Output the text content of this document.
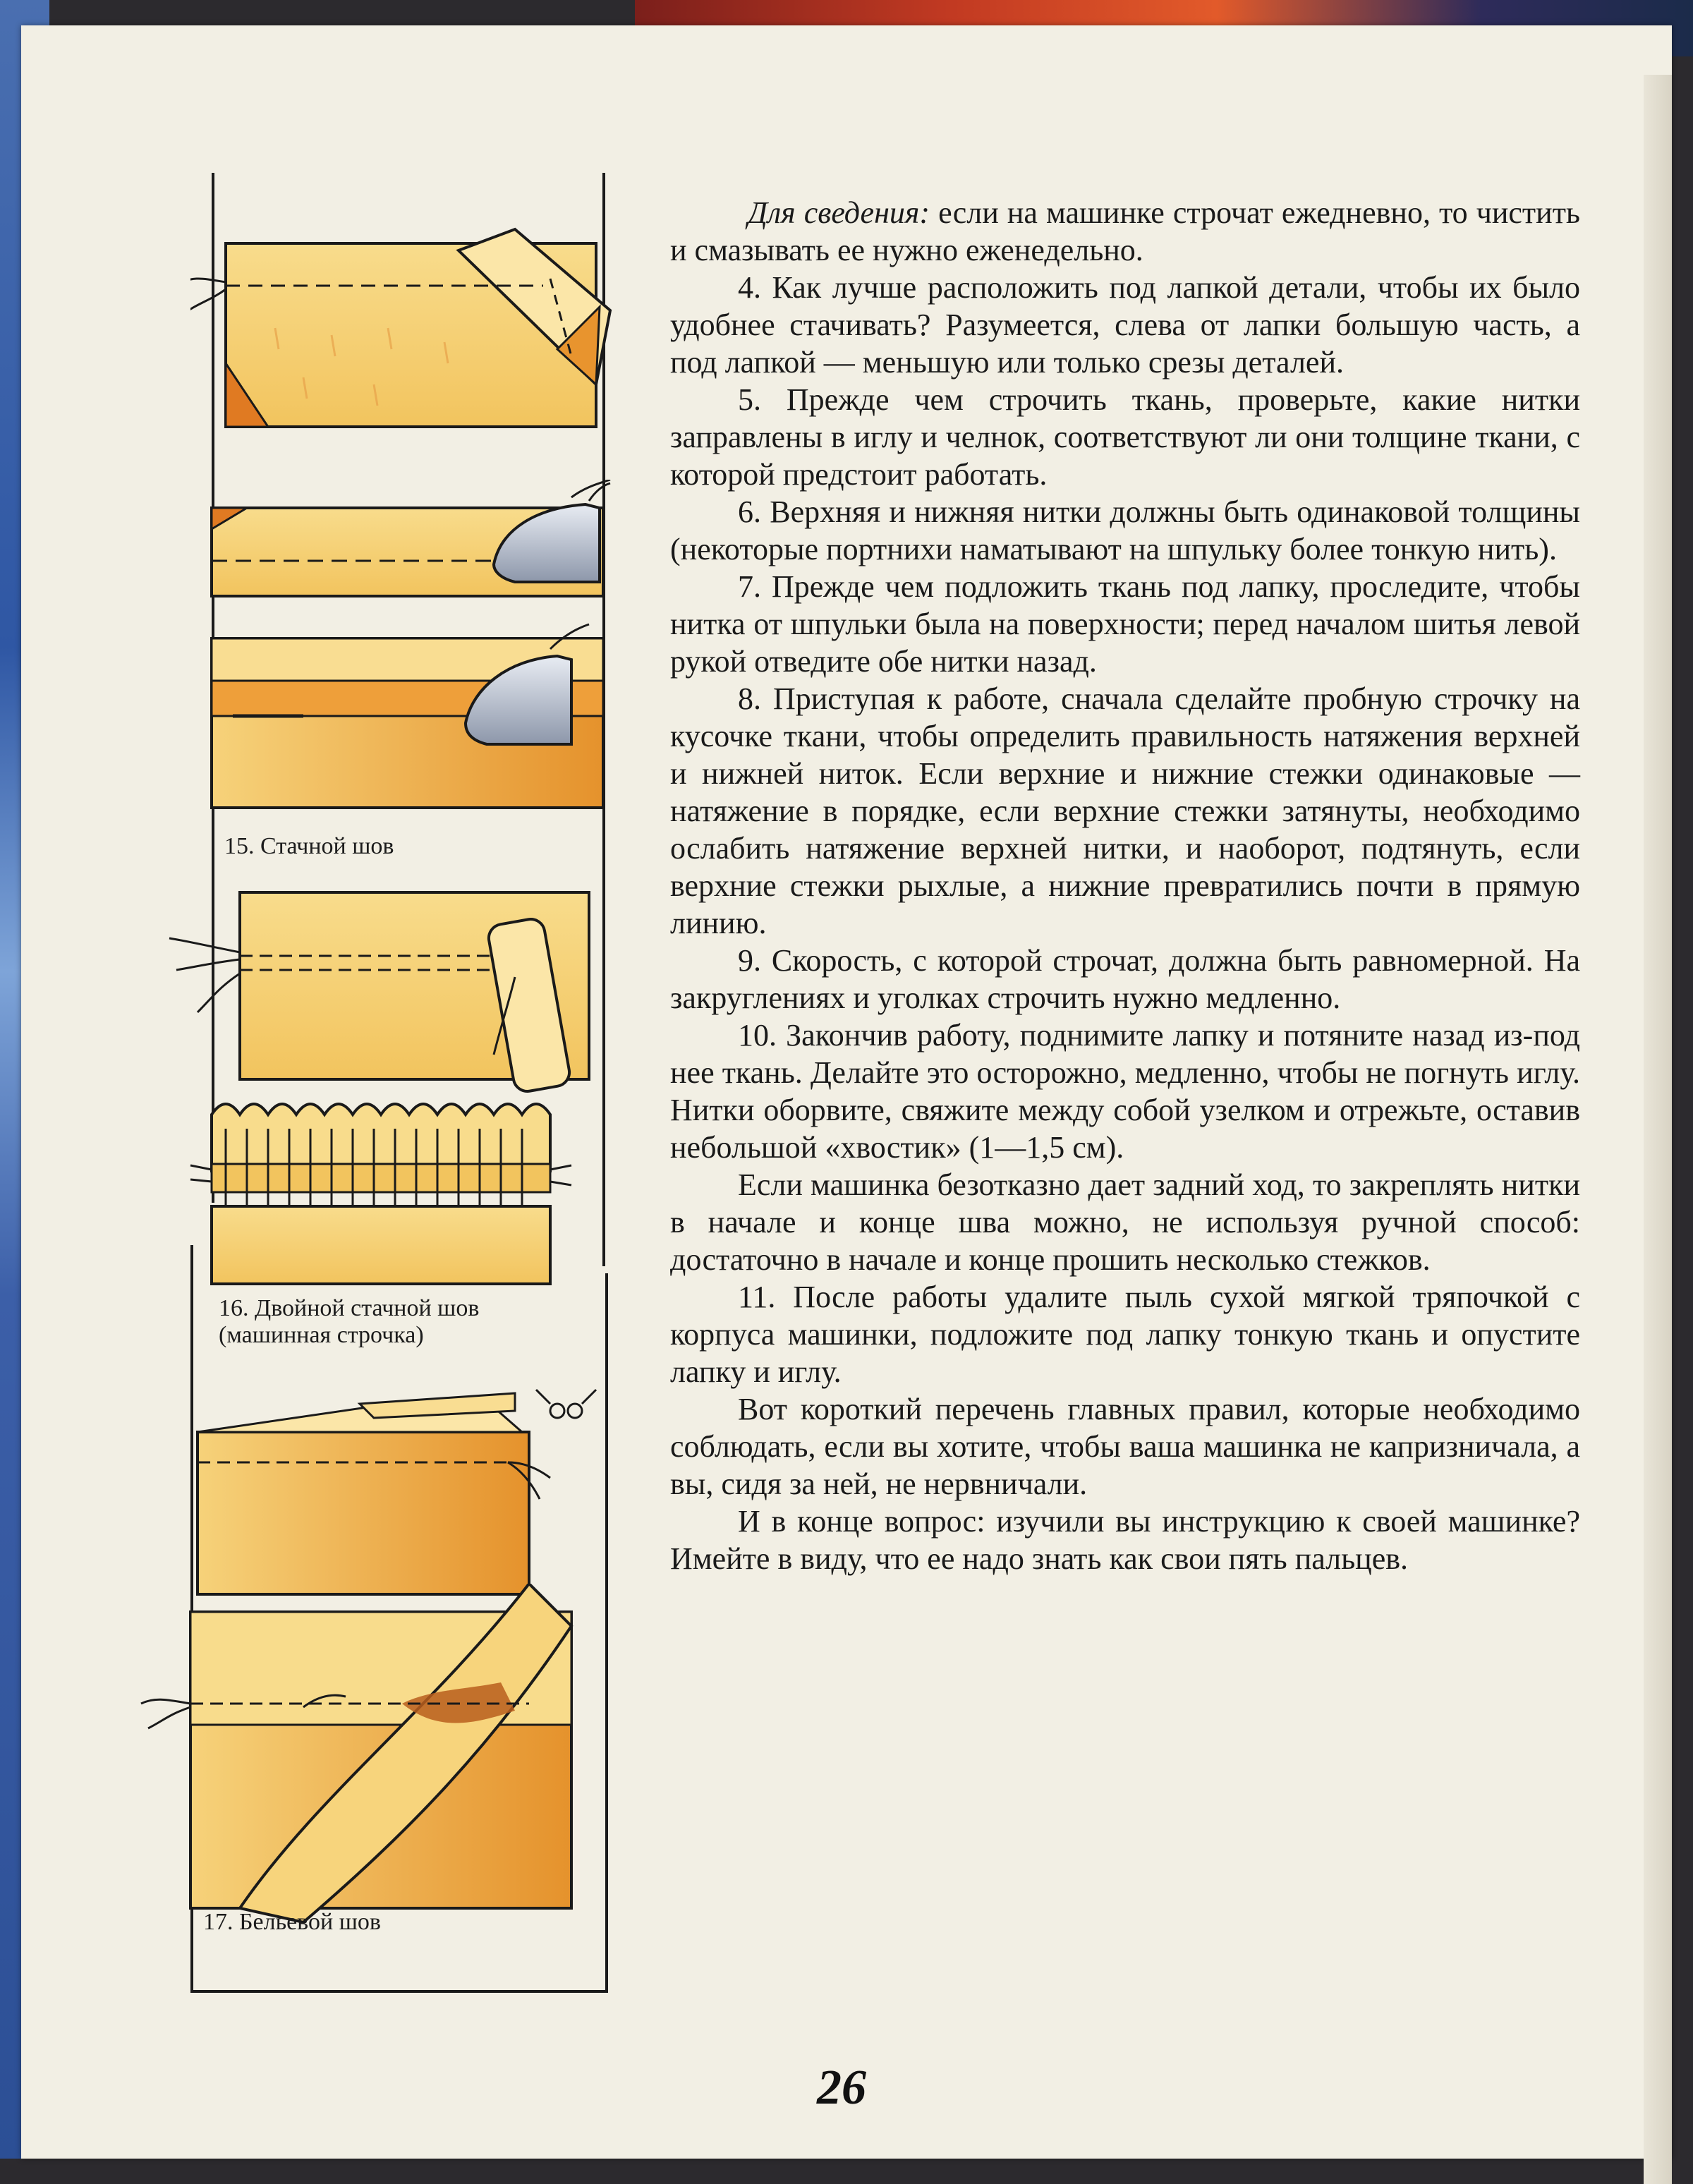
15. Стачной шов
16. Двойной стачной шов
(машинная строчка)
17. Бельевой шов

Для сведения: если на машинке строчат ежедневно, то чистить и смазывать ее нужно еженедельно.

4. Как лучше расположить под лапкой детали, чтобы их было удобнее стачивать? Разумеется, слева от лапки большую часть, а под лапкой — меньшую или только срезы деталей.

5. Прежде чем строчить ткань, проверьте, какие нитки заправлены в иглу и челнок, соответствуют ли они толщине ткани, с которой предстоит работать.

6. Верхняя и нижняя нитки должны быть одинаковой толщины (некоторые портнихи наматывают на шпульку более тонкую нить).

7. Прежде чем подложить ткань под лапку, проследите, чтобы нитка от шпульки была на поверхности; перед началом шитья левой рукой отведите обе нитки назад.

8. Приступая к работе, сначала сделайте пробную строчку на кусочке ткани, чтобы определить правильность натяжения верхней и нижней ниток. Если верхние и нижние стежки одинаковые — натяжение в порядке, если верхние стежки затянуты, необходимо ослабить натяжение верхней нитки, и наоборот, подтянуть, если верхние стежки рыхлые, а нижние превратились почти в прямую линию.

9. Скорость, с которой строчат, должна быть равномерной. На закруглениях и уголках строчить нужно медленно.

10. Закончив работу, поднимите лапку и потяните назад из-под нее ткань. Делайте это осторожно, медленно, чтобы не погнуть иглу. Нитки оборвите, свяжите между собой узелком и отрежьте, оставив небольшой «хвостик» (1—1,5 см).

Если машинка безотказно дает задний ход, то закреплять нитки в начале и конце шва можно, не используя ручной способ: достаточно в начале и конце прошить несколько стежков.

11. После работы удалите пыль сухой мягкой тряпочкой с корпуса машинки, подложите под лапку тонкую ткань и опустите лапку и иглу.

Вот короткий перечень главных правил, которые необходимо соблюдать, если вы хотите, чтобы ваша машинка не капризничала, а вы, сидя за ней, не нервничали.

И в конце вопрос: изучили вы инструкцию к своей машинке? Имейте в виду, что ее надо знать как свои пять пальцев.

26
